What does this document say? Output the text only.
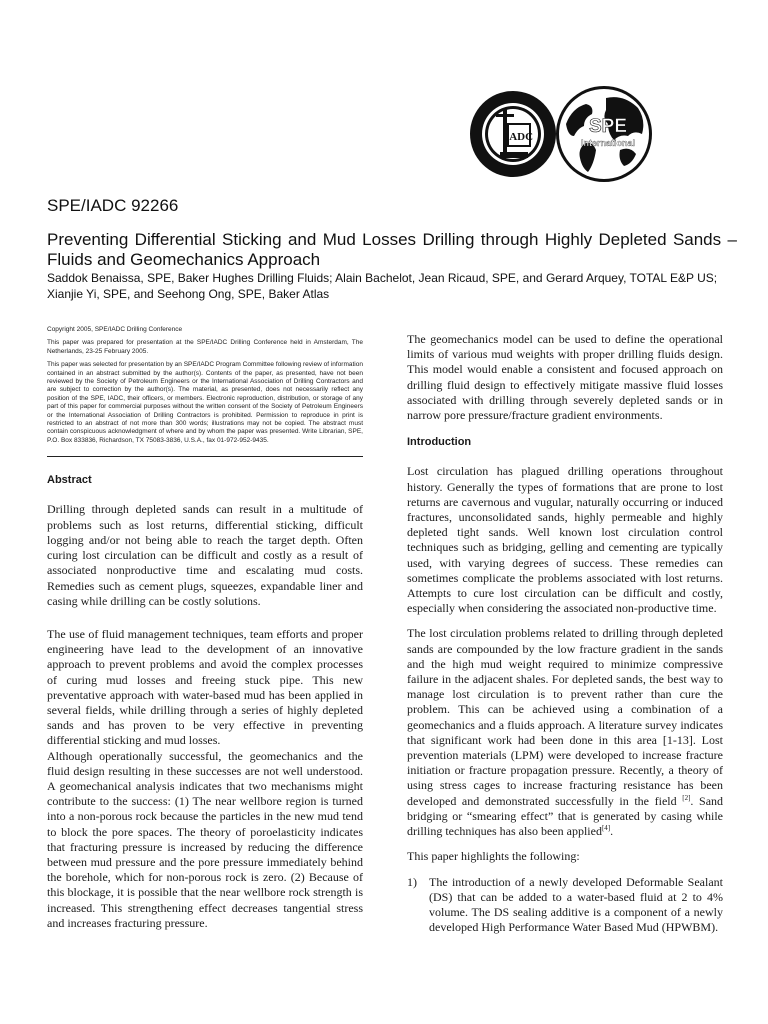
IADC	SPE
International
SPE/IADC 92266
Preventing Differential Sticking and Mud Losses Drilling through Highly Depleted Sands – Fluids and Geomechanics Approach
Saddok Benaissa, SPE, Baker Hughes Drilling Fluids; Alain Bachelot, Jean Ricaud, SPE, and Gerard Arquey, TOTAL E&P US; Xianjie Yi, SPE, and Seehong Ong, SPE, Baker Atlas

Copyright 2005, SPE/IADC Drilling Conference

This paper was prepared for presentation at the SPE/IADC Drilling Conference held in Amsterdam, The Netherlands, 23-25 February 2005.

This paper was selected for presentation by an SPE/IADC Program Committee following review of information contained in an abstract submitted by the author(s). Contents of the paper, as presented, have not been reviewed by the Society of Petroleum Engineers or the International Association of Drilling Contractors and are subject to correction by the author(s). The material, as presented, does not necessarily reflect any position of the SPE, IADC, their officers, or members. Electronic reproduction, distribution, or storage of any part of this paper for commercial purposes without the written consent of the Society of Petroleum Engineers or the International Association of Drilling Contractors is prohibited. Permission to reproduce in print is restricted to an abstract of not more than 300 words; illustrations may not be copied. The abstract must contain conspicuous acknowledgment of where and by whom the paper was presented. Write Librarian, SPE, P.O. Box 833836, Richardson, TX 75083-3836, U.S.A., fax 01-972-952-9435.

Abstract

Drilling through depleted sands can result in a multitude of problems such as lost returns, differential sticking, difficult logging and/or not being able to reach the target depth. Often curing lost circulation can be difficult and costly as a result of associated nonproductive time and escalating mud costs. Remedies such as cement plugs, squeezes, expandable liner and casing while drilling can be costly solutions.

The use of fluid management techniques, team efforts and proper engineering have lead to the development of an innovative approach to prevent problems and avoid the complex processes of curing mud losses and freeing stuck pipe. This new preventative approach with water-based mud has been applied in several fields, while drilling through a series of highly depleted sands and has proven to be very effective in preventing differential sticking and mud losses.

Although operationally successful, the geomechanics and the fluid design resulting in these successes are not well understood. A geomechanical analysis indicates that two mechanisms might contribute to the success: (1) The near wellbore region is turned into a non-porous rock because the particles in the new mud tend to block the pore spaces. The theory of poroelasticity indicates that fracturing pressure is increased by reducing the difference between mud pressure and the pore pressure immediately behind the borehole, which for non-porous rock is zero. (2) Because of this blockage, it is possible that the near wellbore rock strength is increased. This strengthening effect decreases tangential stress and increases fracturing pressure.

The geomechanics model can be used to define the operational limits of various mud weights with proper drilling fluids design. This model would enable a consistent and focused approach on drilling fluid design to effectively mitigate massive fluid losses associated with drilling through severely depleted sands or in narrow pore pressure/fracture gradient environments.

Introduction

Lost circulation has plagued drilling operations throughout history. Generally the types of formations that are prone to lost returns are cavernous and vugular, naturally occurring or induced fractures, unconsolidated sands, highly permeable and highly depleted tight sands. Well known lost circulation control techniques such as bridging, gelling and cementing are typically used, with varying degrees of success. These remedies can sometimes complicate the problems associated with lost returns. Attempts to cure lost circulation can be difficult and costly, especially when considering the associated non-productive time.

The lost circulation problems related to drilling through depleted sands are compounded by the low fracture gradient in the sands and the high mud weight required to minimize compressive failure in the adjacent shales. For depleted sands, the best way to manage lost circulation is to prevent rather than cure the problem. This can be achieved using a combination of a geomechanics and a fluids approach. A literature survey indicates that significant work had been done in this area [1-13]. Lost prevention materials (LPM) were developed to increase fracture initiation or fracture propagation pressure. Recently, a theory of using stress cages to increase fracturing resistance has been developed and demonstrated successfully in the field [2]. Sand bridging or “smearing effect” that is generated by casing while drilling techniques has also been applied[4].

This paper highlights the following:

1)	The introduction of a newly developed Deformable Sealant (DS) that can be added to a water-based fluid at 2 to 4% volume. The DS sealing additive is a component of a newly developed High Performance Water Based Mud (HPWBM).
